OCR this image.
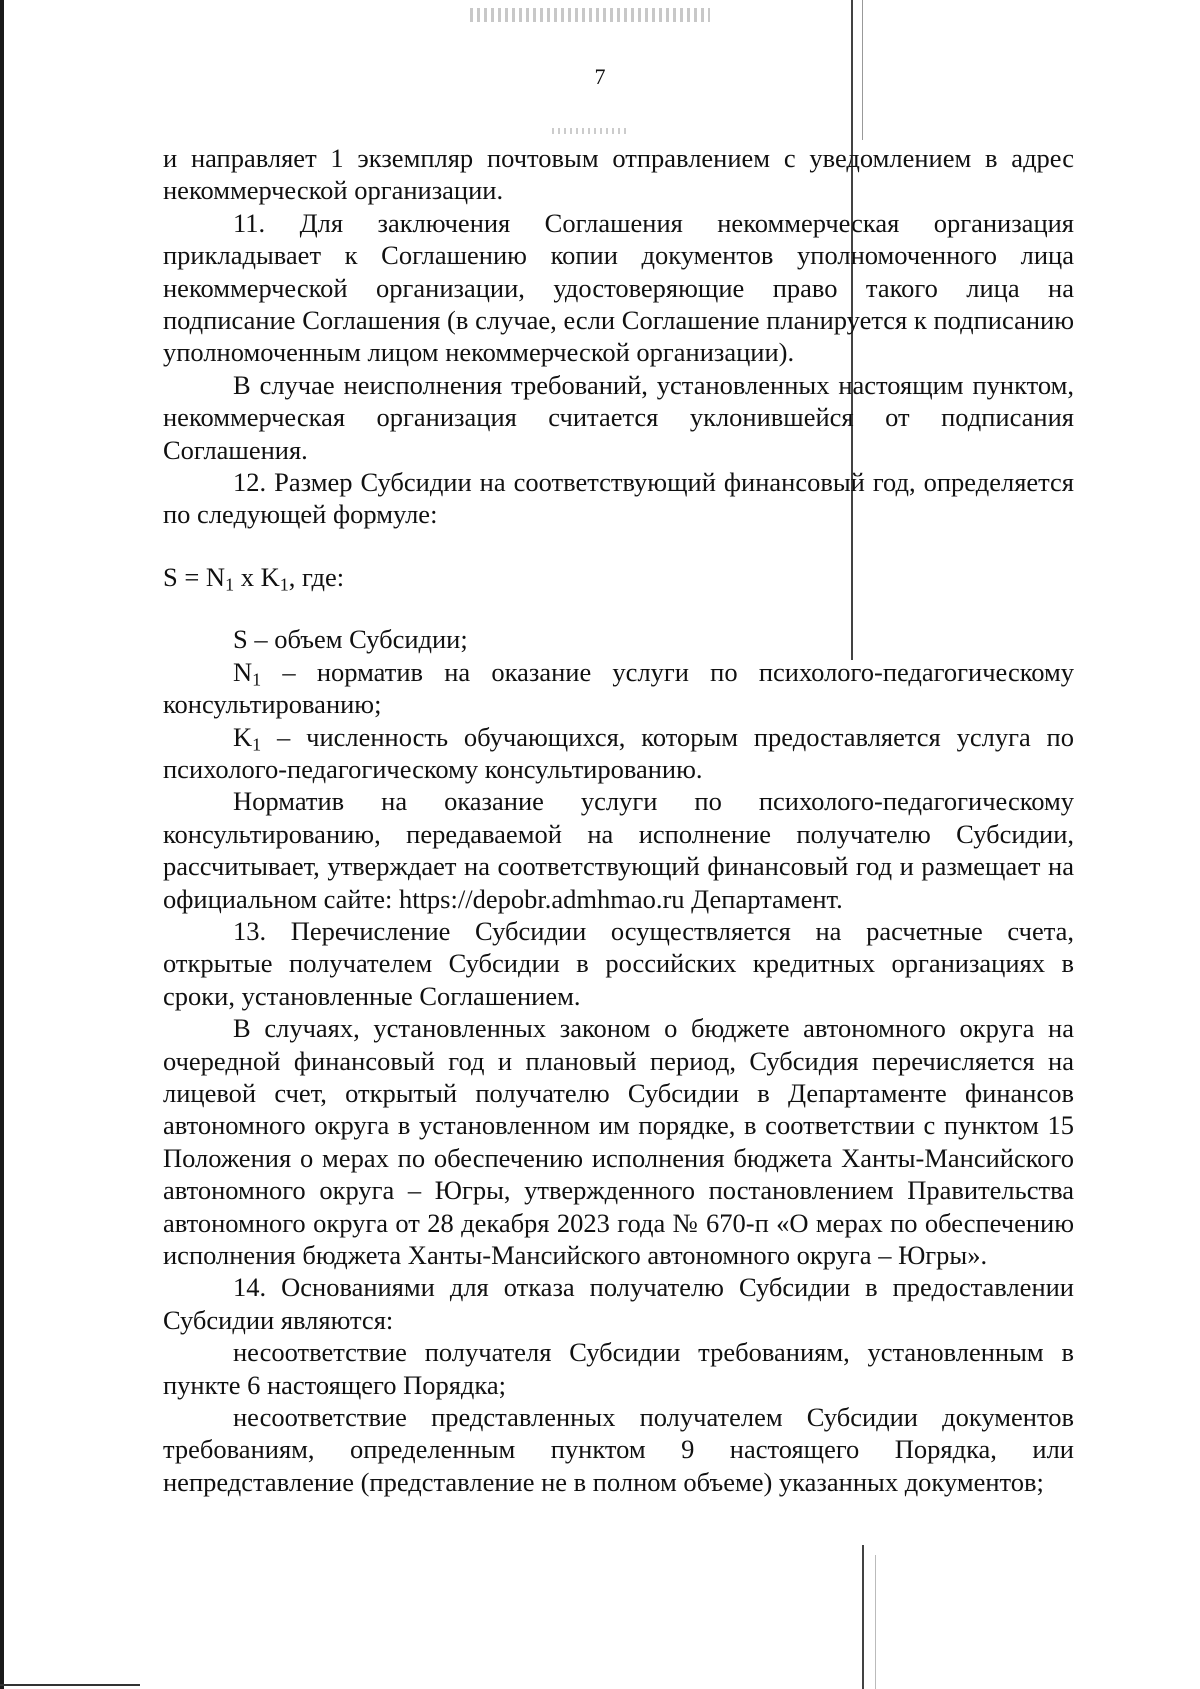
7

и направляет 1 экземпляр почтовым отправлением с уведомлением в адрес некоммерческой организации.

11. Для заключения Соглашения некоммерческая организация прикладывает к Соглашению копии документов уполномоченного лица некоммерческой организации, удостоверяющие право такого лица на подписание Соглашения (в случае, если Соглашение планируется к подписанию уполномоченным лицом некоммерческой организации).

В случае неисполнения требований, установленных настоящим пунктом, некоммерческая организация считается уклонившейся от подписания Соглашения.

12. Размер Субсидии на соответствующий финансовый год, определяется по следующей формуле:

$S = N_1$ х $K_1$, где:

S – объем Субсидии;

$N_1$ – норматив на оказание услуги по психолого-педагогическому консультированию;

$K_1$ – численность обучающихся, которым предоставляется услуга по психолого-педагогическому консультированию.

Норматив на оказание услуги по психолого-педагогическому консультированию, передаваемой на исполнение получателю Субсидии, рассчитывает, утверждает на соответствующий финансовый год и размещает на официальном сайте: https://depobr.admhmao.ru Департамент.

13. Перечисление Субсидии осуществляется на расчетные счета, открытые получателем Субсидии в российских кредитных организациях в сроки, установленные Соглашением.

В случаях, установленных законом о бюджете автономного округа на очередной финансовый год и плановый период, Субсидия перечисляется на лицевой счет, открытый получателю Субсидии в Департаменте финансов автономного округа в установленном им порядке, в соответствии с пунктом 15 Положения о мерах по обеспечению исполнения бюджета Ханты-Мансийского автономного округа – Югры, утвержденного постановлением Правительства автономного округа от 28 декабря 2023 года № 670-п «О мерах по обеспечению исполнения бюджета Ханты-Мансийского автономного округа – Югры».

14. Основаниями для отказа получателю Субсидии в предоставлении Субсидии являются:

несоответствие получателя Субсидии требованиям, установленным в пункте 6 настоящего Порядка;

несоответствие представленных получателем Субсидии документов требованиям, определенным пунктом 9 настоящего Порядка, или непредставление (представление не в полном объеме) указанных документов;
